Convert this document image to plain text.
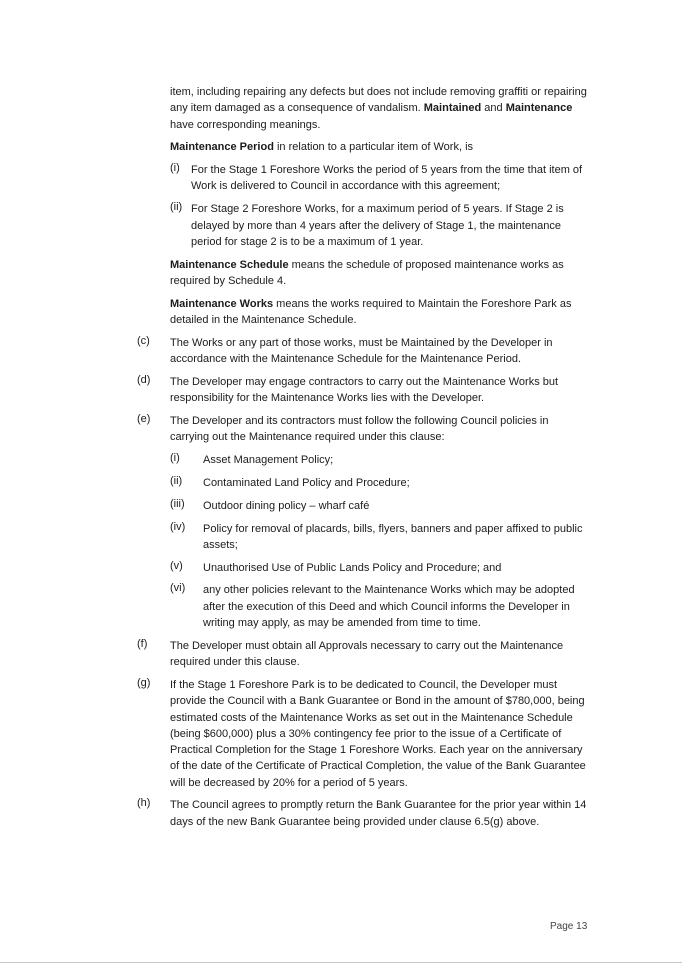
item, including repairing any defects but does not include removing graffiti or repairing any item damaged as a consequence of vandalism. Maintained and Maintenance have corresponding meanings.

Maintenance Period in relation to a particular item of Work, is

(i) For the Stage 1 Foreshore Works the period of 5 years from the time that item of Work is delivered to Council in accordance with this agreement;

(ii) For Stage 2 Foreshore Works, for a maximum period of 5 years. If Stage 2 is delayed by more than 4 years after the delivery of Stage 1, the maintenance period for stage 2 is to be a maximum of 1 year.

Maintenance Schedule means the schedule of proposed maintenance works as required by Schedule 4.

Maintenance Works means the works required to Maintain the Foreshore Park as detailed in the Maintenance Schedule.

(c) The Works or any part of those works, must be Maintained by the Developer in accordance with the Maintenance Schedule for the Maintenance Period.

(d) The Developer may engage contractors to carry out the Maintenance Works but responsibility for the Maintenance Works lies with the Developer.

(e) The Developer and its contractors must follow the following Council policies in carrying out the Maintenance required under this clause:

(i) Asset Management Policy;

(ii) Contaminated Land Policy and Procedure;

(iii) Outdoor dining policy – wharf café

(iv) Policy for removal of placards, bills, flyers, banners and paper affixed to public assets;

(v) Unauthorised Use of Public Lands Policy and Procedure; and

(vi) any other policies relevant to the Maintenance Works which may be adopted after the execution of this Deed and which Council informs the Developer in writing may apply, as may be amended from time to time.

(f) The Developer must obtain all Approvals necessary to carry out the Maintenance required under this clause.

(g) If the Stage 1 Foreshore Park is to be dedicated to Council, the Developer must provide the Council with a Bank Guarantee or Bond in the amount of $780,000, being estimated costs of the Maintenance Works as set out in the Maintenance Schedule (being $600,000) plus a 30% contingency fee prior to the issue of a Certificate of Practical Completion for the Stage 1 Foreshore Works. Each year on the anniversary of the date of the Certificate of Practical Completion, the value of the Bank Guarantee will be decreased by 20% for a period of 5 years.

(h) The Council agrees to promptly return the Bank Guarantee for the prior year within 14 days of the new Bank Guarantee being provided under clause 6.5(g) above.

Page 13
